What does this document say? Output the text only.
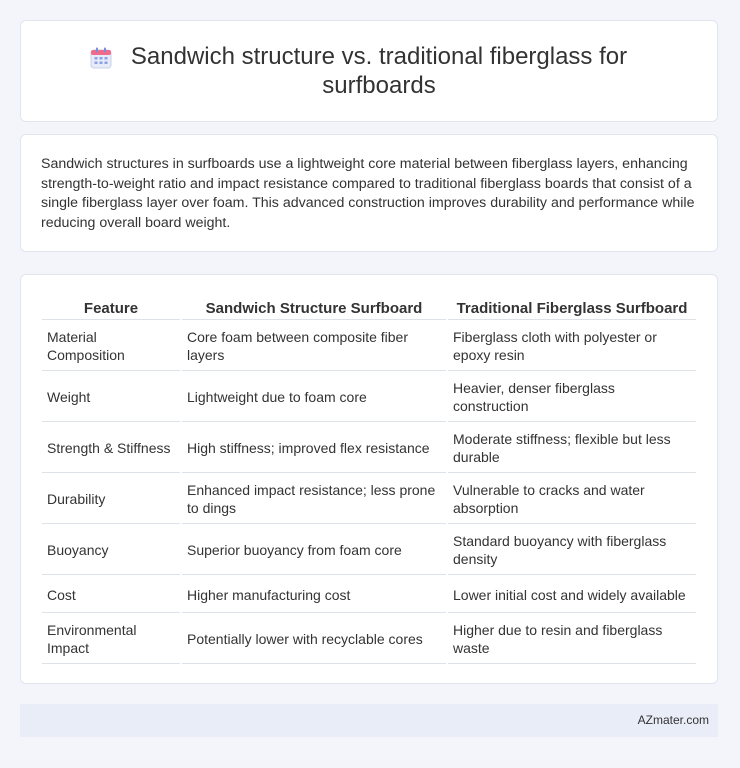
Sandwich structure vs. traditional fiberglass for surfboards

Sandwich structures in surfboards use a lightweight core material between fiberglass layers, enhancing strength-to-weight ratio and impact resistance compared to traditional fiberglass boards that consist of a single fiberglass layer over foam. This advanced construction improves durability and performance while reducing overall board weight.

Feature	Sandwich Structure Surfboard	Traditional Fiberglass Surfboard
Material Composition	Core foam between composite fiber layers	Fiberglass cloth with polyester or epoxy resin
Weight	Lightweight due to foam core	Heavier, denser fiberglass construction
Strength & Stiffness	High stiffness; improved flex resistance	Moderate stiffness; flexible but less durable
Durability	Enhanced impact resistance; less prone to dings	Vulnerable to cracks and water absorption
Buoyancy	Superior buoyancy from foam core	Standard buoyancy with fiberglass density
Cost	Higher manufacturing cost	Lower initial cost and widely available
Environmental Impact	Potentially lower with recyclable cores	Higher due to resin and fiberglass waste
AZmater.com
